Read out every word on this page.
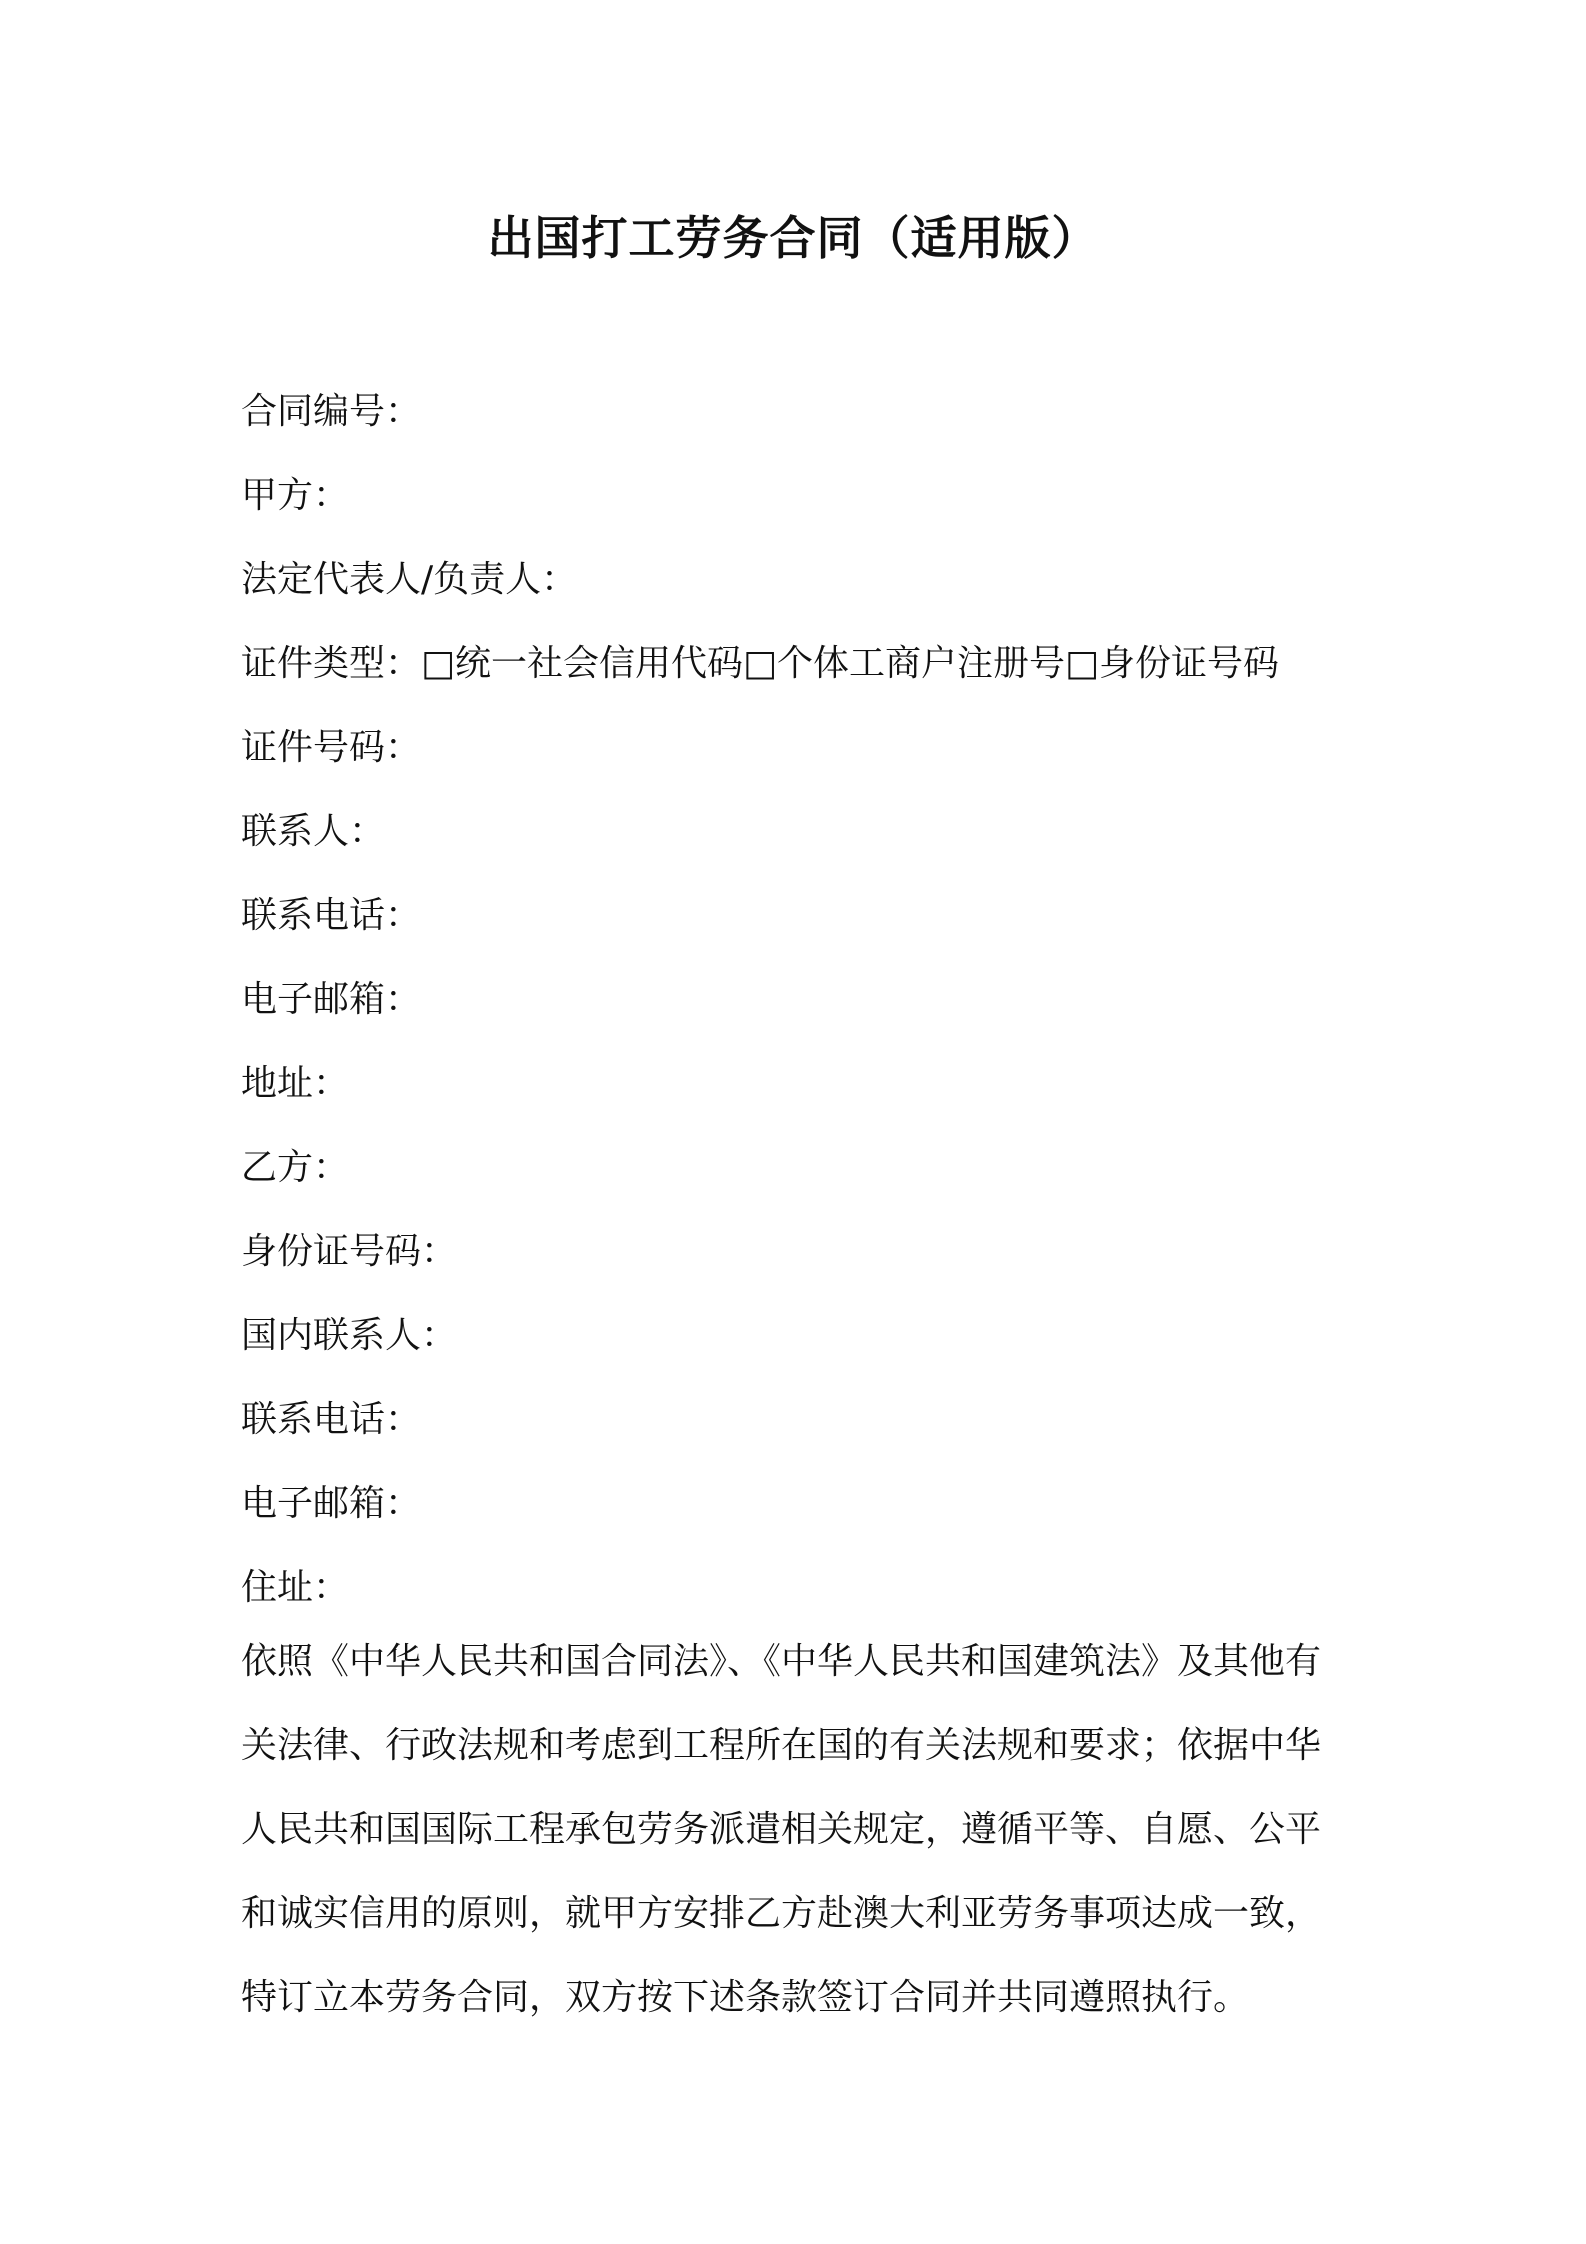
出国打工劳务合同（适用版）
合同编号：
甲方：
法定代表人/负责人：
证件类型：□统一社会信用代码□个体工商户注册号□身份证号码
证件号码：
联系人：
联系电话：
电子邮箱：
地址：
乙方：
身份证号码：
国内联系人：
联系电话：
电子邮箱：
住址：
依照《中华人民共和国合同法》、《中华人民共和国建筑法》及其他有
关法律、行政法规和考虑到工程所在国的有关法规和要求；依据中华
人民共和国国际工程承包劳务派遣相关规定，遵循平等、自愿、公平
和诚实信用的原则，就甲方安排乙方赴澳大利亚劳务事项达成一致，
特订立本劳务合同，双方按下述条款签订合同并共同遵照执行。
